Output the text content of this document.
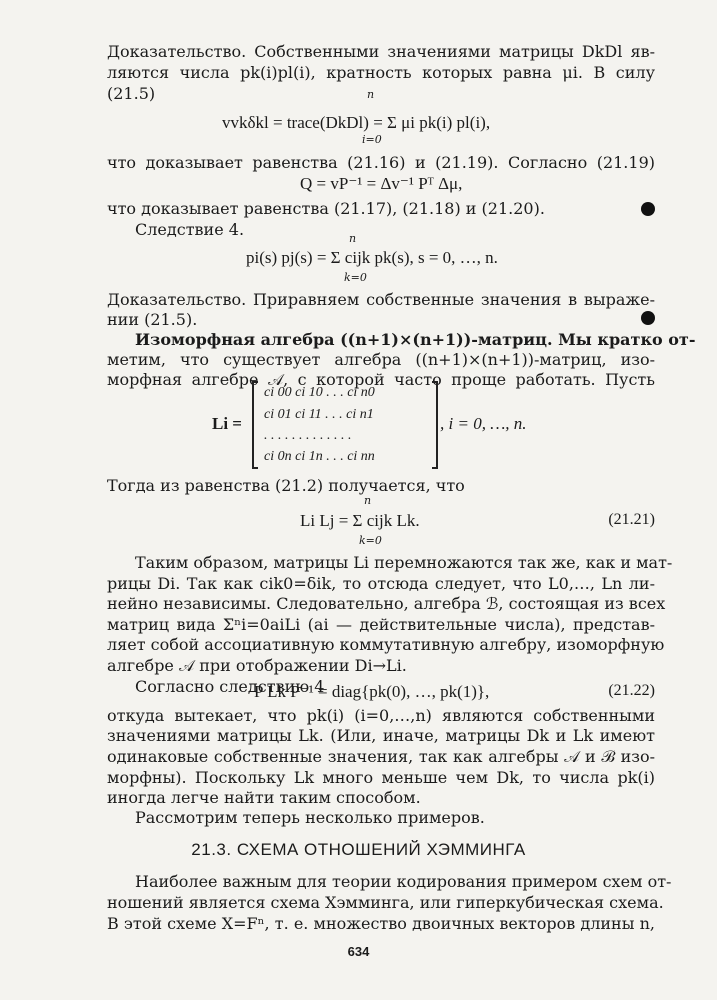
Доказательство. Собственными значениями матрицы DkDl яв-
ляются числа pk(i)pl(i), кратность которых равна μi. В силу
(21.5)
vvkδkl = trace(DkDl) = Σ μi pk(i) pl(i),
n
i=0
что доказывает равенства (21.16) и (21.19). Согласно (21.19)
Q = vP⁻¹ = Δv⁻¹ Pᵀ Δμ,
что доказывает равенства (21.17), (21.18) и (21.20).
Следствие 4.
pi(s) pj(s) = Σ cijk pk(s), s = 0, …, n.
n
k=0
Доказательство. Приравняем собственные значения в выраже-
нии (21.5).
Изоморфная алгебра ((n+1)×(n+1))-матриц. Мы кратко от-
метим, что существует алгебра ((n+1)×(n+1))-матриц, изо-
морфная алгебре 𝒜, с которой часто проще работать. Пусть
Li =
ci 00 ci 10 . . . ci n0
ci 01 ci 11 . . . ci n1
. . . . . . . . . . . . .
ci 0n ci 1n . . . ci nn
, i = 0, …, n.
Тогда из равенства (21.2) получается, что
Li Lj = Σ cijk Lk.
n
k=0
(21.21)
Таким образом, матрицы Li перемножаются так же, как и мат-
рицы Di. Так как cik0=δik, то отсюда следует, что L0,…, Ln ли-
нейно независимы. Следовательно, алгебра ℬ, состоящая из всех
матриц вида Σⁿi=0aiLi (ai — действительные числа), представ-
ляет собой ассоциативную коммутативную алгебру, изоморфную
алгебре 𝒜 при отображении Di→Li.
Согласно следствию 4
P Lk P⁻¹ = diag{pk(0), …, pk(1)},	(21.22)
откуда вытекает, что pk(i) (i=0,…,n) являются собственными
значениями матрицы Lk. (Или, иначе, матрицы Dk и Lk имеют
одинаковые собственные значения, так как алгебры 𝒜 и ℬ изо-
морфны). Поскольку Lk много меньше чем Dk, то числа pk(i)
иногда легче найти таким способом.
Рассмотрим теперь несколько примеров.
21.3. СХЕМА ОТНОШЕНИЙ ХЭММИНГА
Наиболее важным для теории кодирования примером схем от-
ношений является схема Хэмминга, или гиперкубическая схема.
В этой схеме X=Fⁿ, т. е. множество двоичных векторов длины n,
634
